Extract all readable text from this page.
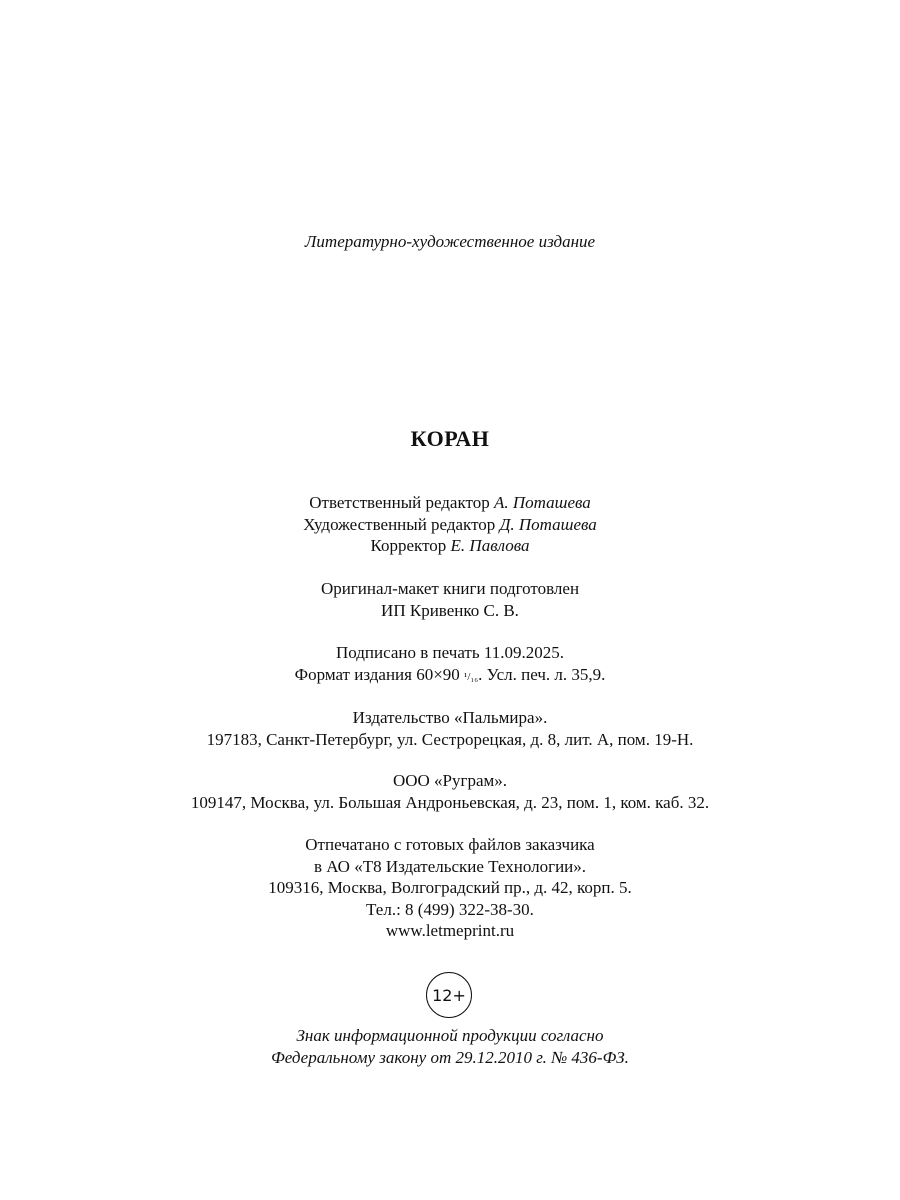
Литературно-художественное издание
КОРАН
Ответственный редактор А. Поташева
Художественный редактор Д. Поташева
Корректор Е. Павлова
Оригинал-макет книги подготовлен
ИП Кривенко С. В.
Подписано в печать 11.09.2025.
Формат издания 60×90 ¹/₁₆. Усл. печ. л. 35,9.
Издательство «Пальмира».
197183, Санкт-Петербург, ул. Сестрорецкая, д. 8, лит. А, пом. 19-Н.
ООО «Руграм».
109147, Москва, ул. Большая Андроньевская, д. 23, пом. 1, ком. каб. 32.
Отпечатано с готовых файлов заказчика
в АО «Т8 Издательские Технологии».
109316, Москва, Волгоградский пр., д. 42, корп. 5.
Тел.: 8 (499) 322-38-30.
www.letmeprint.ru
12+
Знак информационной продукции согласно
Федеральному закону от 29.12.2010 г. № 436-ФЗ.
